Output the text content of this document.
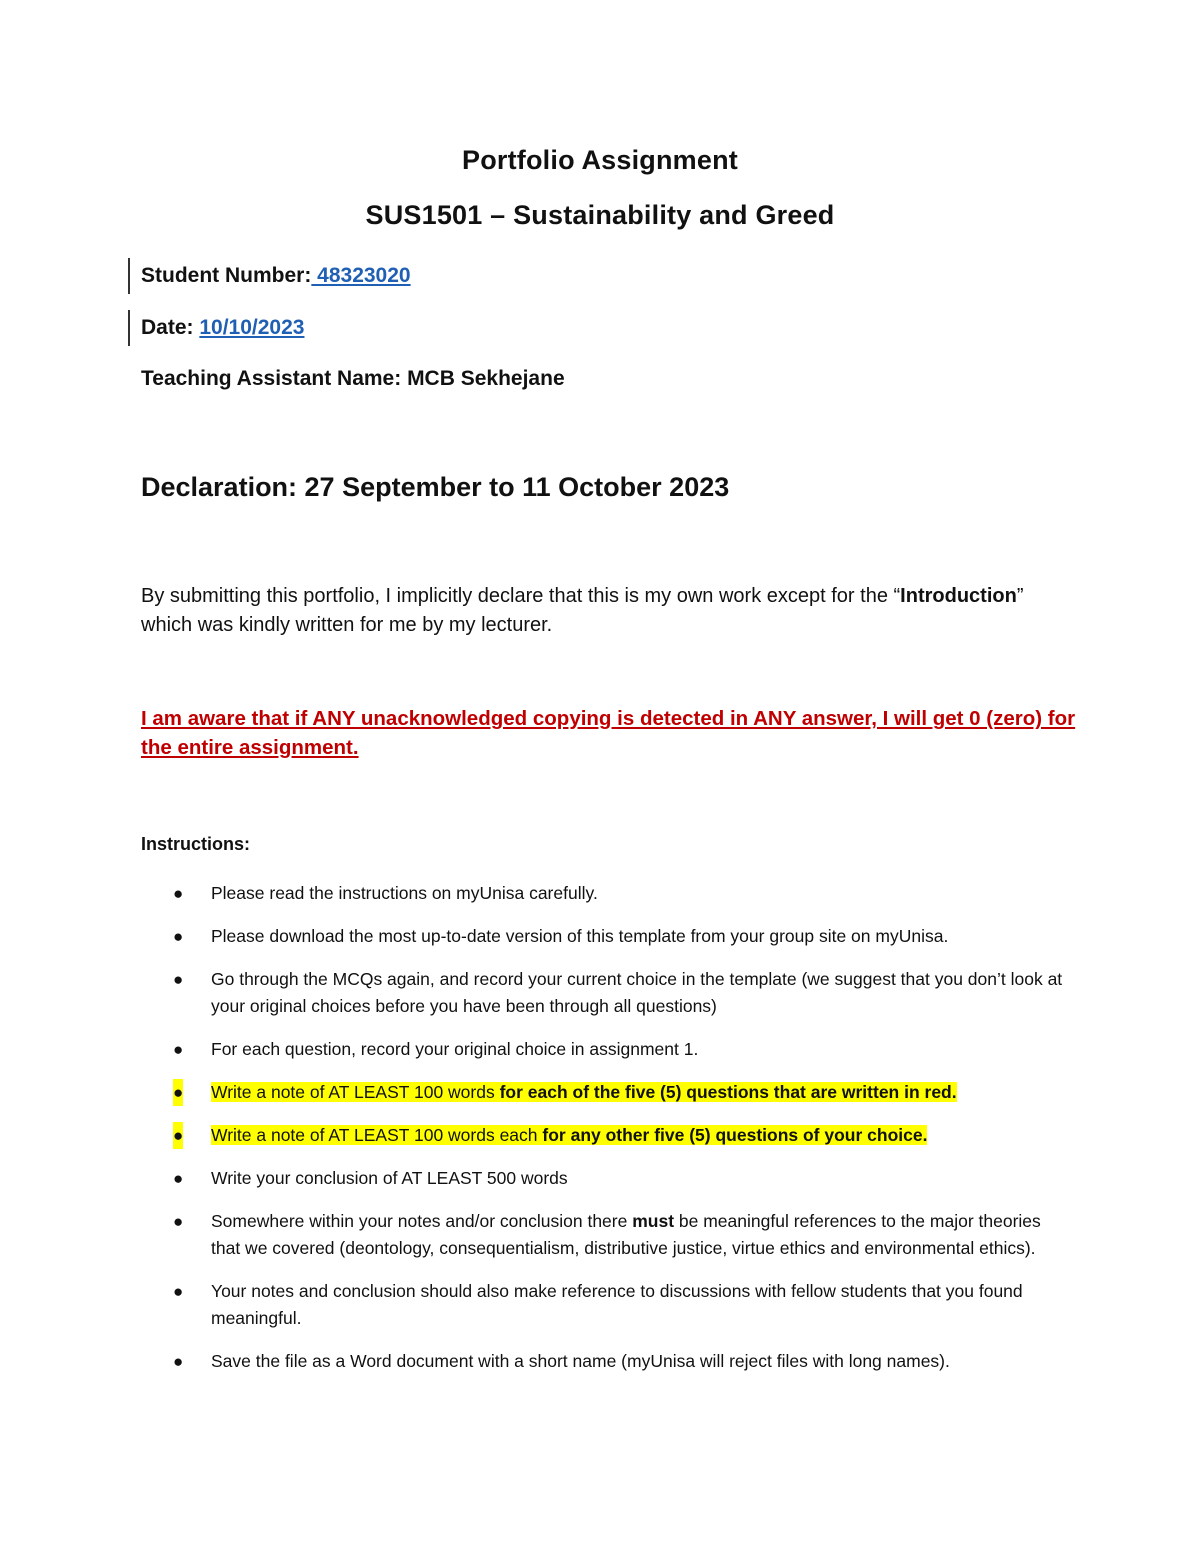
Portfolio Assignment
SUS1501 – Sustainability and Greed
Student Number: 48323020
Date: 10/10/2023
Teaching Assistant Name: MCB Sekhejane
Declaration: 27 September to 11 October 2023
By submitting this portfolio, I implicitly declare that this is my own work except for the “Introduction” which was kindly written for me by my lecturer.
I am aware that if ANY unacknowledged copying is detected in ANY answer, I will get 0 (zero) for the entire assignment.
Instructions:
● Please read the instructions on myUnisa carefully.
● Please download the most up-to-date version of this template from your group site on myUnisa.
● Go through the MCQs again, and record your current choice in the template (we suggest that you don’t look at your original choices before you have been through all questions)
● For each question, record your original choice in assignment 1.
● Write a note of AT LEAST 100 words for each of the five (5) questions that are written in red.
● Write a note of AT LEAST 100 words each for any other five (5) questions of your choice.
● Write your conclusion of AT LEAST 500 words
● Somewhere within your notes and/or conclusion there must be meaningful references to the major theories that we covered (deontology, consequentialism, distributive justice, virtue ethics and environmental ethics).
● Your notes and conclusion should also make reference to discussions with fellow students that you found meaningful.
● Save the file as a Word document with a short name (myUnisa will reject files with long names).
